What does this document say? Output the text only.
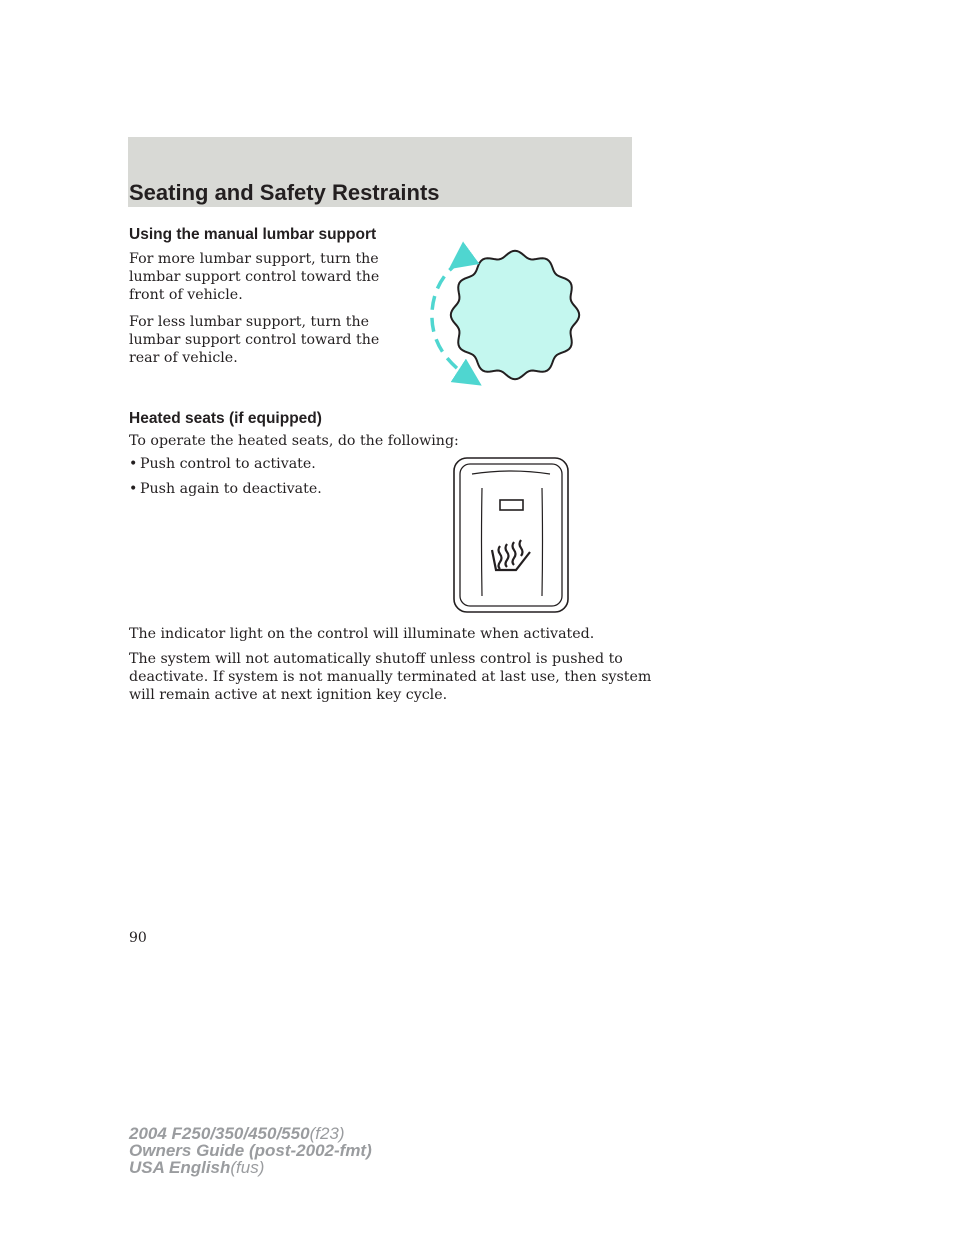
Seating and Safety Restraints
Using the manual lumbar support
For more lumbar support, turn the
lumbar support control toward the
front of vehicle.
For less lumbar support, turn the
lumbar support control toward the
rear of vehicle.
Heated seats (if equipped)
To operate the heated seats, do the following:
• Push control to activate.
• Push again to deactivate.
The indicator light on the control will illuminate when activated.
The system will not automatically shutoff unless control is pushed to
deactivate. If system is not manually terminated at last use, then system
will remain active at next ignition key cycle.
90
2004 F250/350/450/550(f23)
Owners Guide (post-2002-fmt)
USA English(fus)
